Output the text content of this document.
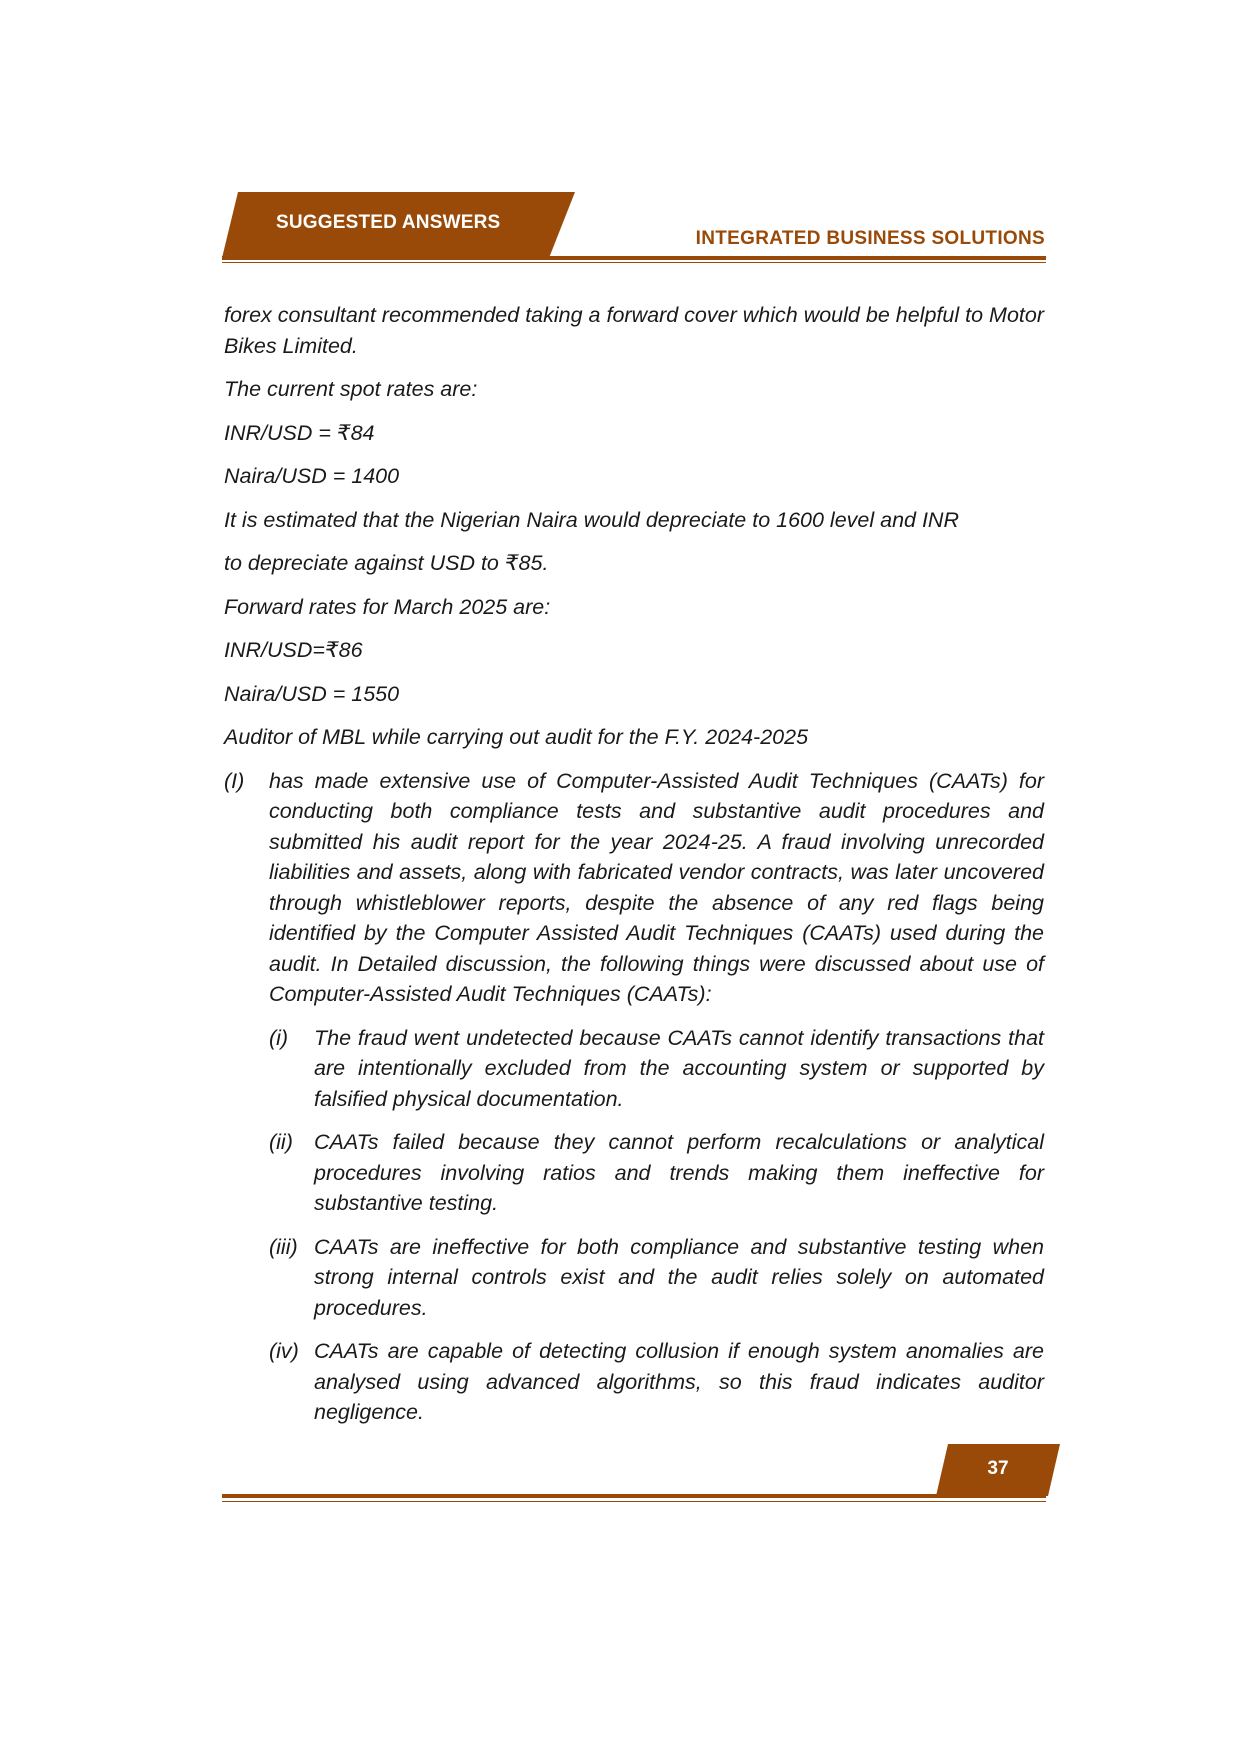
SUGGESTED ANSWERS
INTEGRATED BUSINESS SOLUTIONS

forex consultant recommended taking a forward cover which would be helpful to Motor Bikes Limited.

The current spot rates are:

INR/USD = ₹84

Naira/USD = 1400

It is estimated that the Nigerian Naira would depreciate to 1600 level and INR

to depreciate against USD to ₹85.

Forward rates for March 2025 are:

INR/USD=₹86

Naira/USD = 1550

Auditor of MBL while carrying out audit for the F.Y. 2024-2025

(I)	has made extensive use of Computer-Assisted Audit Techniques (CAATs) for conducting both compliance tests and substantive audit procedures and submitted his audit report for the year 2024-25. A fraud involving unrecorded liabilities and assets, along with fabricated vendor contracts, was later uncovered through whistleblower reports, despite the absence of any red flags being identified by the Computer Assisted Audit Techniques (CAATs) used during the audit. In Detailed discussion, the following things were discussed about use of Computer-Assisted Audit Techniques (CAATs):
(i)	The fraud went undetected because CAATs cannot identify transactions that are intentionally excluded from the accounting system or supported by falsified physical documentation.
(ii) CAATs failed because they cannot perform recalculations or analytical procedures involving ratios and trends making them ineffective for substantive testing.
(iii) CAATs are ineffective for both compliance and substantive testing when strong internal controls exist and the audit relies solely on automated procedures.
(iv) CAATs are capable of detecting collusion if enough system anomalies are analysed using advanced algorithms, so this fraud indicates auditor negligence.
37
